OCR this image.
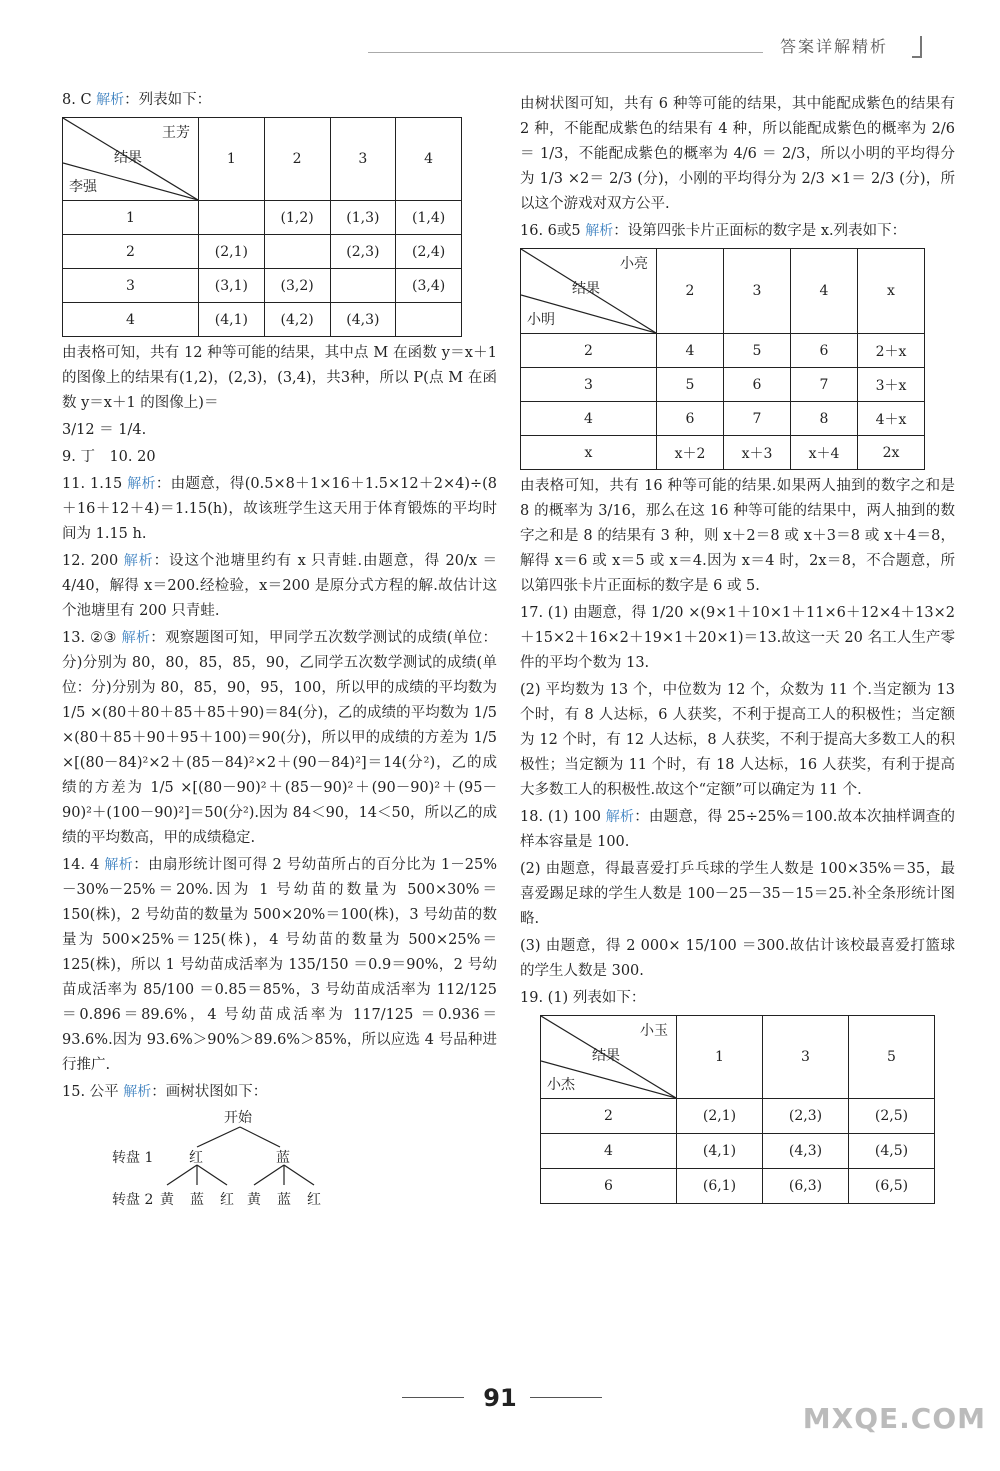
答案详解精析
8. C 解析：列表如下：
王芳
结果
李强	1	2	3	4
1		(1,2)	(1,3)	(1,4)
2	(2,1)		(2,3)	(2,4)
3	(3,1)	(3,2)		(3,4)
4	(4,1)	(4,2)	(4,3)	
由表格可知，共有 12 种等可能的结果，其中点 M 在函数 y＝x＋1 的图像上的结果有(1,2)，(2,3)，(3,4)，共3种，所以 P(点 M 在函数 y＝x＋1 的图像上)＝
3/12 ＝ 1/4.
9. 丁　10. 20
11. 1.15 解析：由题意，得(0.5×8＋1×16＋1.5×12＋2×4)÷(8＋16＋12＋4)＝1.15(h)，故该班学生这天用于体育锻炼的平均时间为 1.15 h.
12. 200 解析：设这个池塘里约有 x 只青蛙.由题意，得 20/x ＝ 4/40，解得 x＝200.经检验，x＝200 是原分式方程的解.故估计这个池塘里有 200 只青蛙.
13. ②③ 解析：观察题图可知，甲同学五次数学测试的成绩(单位：分)分别为 80，80，85，85，90，乙同学五次数学测试的成绩(单位：分)分别为 80，85，90，95，100，所以甲的成绩的平均数为 1/5 ×(80＋80＋85＋85＋90)＝84(分)，乙的成绩的平均数为 1/5 ×(80＋85＋90＋95＋100)＝90(分)，所以甲的成绩的方差为 1/5 ×[(80－84)²×2＋(85－84)²×2＋(90－84)²]＝14(分²)，乙的成绩的方差为 1/5 ×[(80－90)²＋(85－90)²＋(90－90)²＋(95－90)²＋(100－90)²]＝50(分²).因为 84＜90，14＜50，所以乙的成绩的平均数高，甲的成绩稳定.
14. 4 解析：由扇形统计图可得 2 号幼苗所占的百分比为 1－25%－30%－25%＝20%.因为 1 号幼苗的数量为 500×30%＝150(株)，2 号幼苗的数量为 500×20%＝100(株)，3 号幼苗的数量为 500×25%＝125(株)，4 号幼苗的数量为 500×25%＝125(株)，所以 1 号幼苗成活率为 135/150 ＝0.9＝90%，2 号幼苗成活率为 85/100 ＝0.85＝85%，3 号幼苗成活率为 112/125 ＝0.896＝89.6%，4 号幼苗成活率为 117/125 ＝0.936＝93.6%.因为 93.6%＞90%＞89.6%＞85%，所以应选 4 号品种进行推广.
15. 公平 解析：画树状图如下：
开始
转盘 1	红	蓝
转盘 2 黄 蓝 红 黄 蓝 红
由树状图可知，共有 6 种等可能的结果，其中能配成紫色的结果有 2 种，不能配成紫色的结果有 4 种，所以能配成紫色的概率为 2/6 ＝ 1/3，不能配成紫色的概率为 4/6 ＝ 2/3，所以小明的平均得分为 1/3 ×2＝ 2/3 (分)，小刚的平均得分为 2/3 ×1＝ 2/3 (分)，所以这个游戏对双方公平.
16. 6或5 解析：设第四张卡片正面标的数字是 x.列表如下：
小亮
结果
小明	2	3	4	x
2	4	5	6	2＋x
3	5	6	7	3＋x
4	6	7	8	4＋x
x	x＋2	x＋3	x＋4	2x
由表格可知，共有 16 种等可能的结果.如果两人抽到的数字之和是 8 的概率为 3/16，那么在这 16 种等可能的结果中，两人抽到的数字之和是 8 的结果有 3 种，则 x＋2＝8 或 x＋3＝8 或 x＋4＝8，解得 x＝6 或 x＝5 或 x＝4.因为 x＝4 时，2x＝8，不合题意，所以第四张卡片正面标的数字是 6 或 5.
17. (1) 由题意，得 1/20 ×(9×1＋10×1＋11×6＋12×4＋13×2＋15×2＋16×2＋19×1＋20×1)＝13.故这一天 20 名工人生产零件的平均个数为 13.
(2) 平均数为 13 个，中位数为 12 个，众数为 11 个.当定额为 13 个时，有 8 人达标，6 人获奖，不利于提高工人的积极性；当定额为 12 个时，有 12 人达标，8 人获奖，不利于提高大多数工人的积极性；当定额为 11 个时，有 18 人达标，16 人获奖，有利于提高大多数工人的积极性.故这个“定额”可以确定为 11 个.
18. (1) 100 解析：由题意，得 25÷25%＝100.故本次抽样调查的样本容量是 100.
(2) 由题意，得最喜爱打乒乓球的学生人数是 100×35%＝35，最喜爱踢足球的学生人数是 100－25－35－15＝25.补全条形统计图略.
(3) 由题意，得 2 000× 15/100 ＝300.故估计该校最喜爱打篮球的学生人数是 300.
19. (1) 列表如下：
小玉
结果
小杰	1	3	5
2	(2,1)	(2,3)	(2,5)
4	(4,1)	(4,3)	(4,5)
6	(6,1)	(6,3)	(6,5)
91
MXQE.COM
